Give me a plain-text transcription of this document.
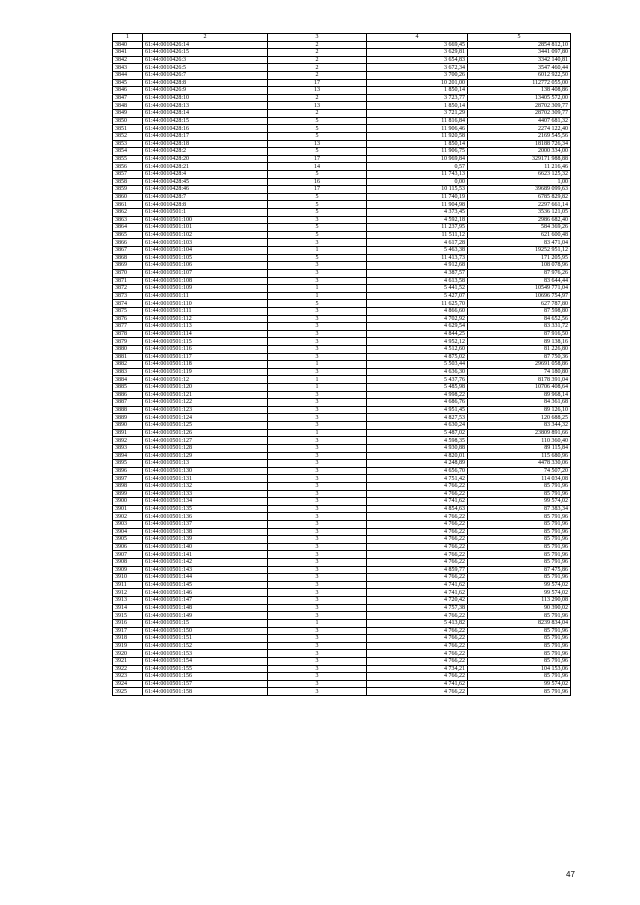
1	2	3	4	5
3840	61:44:0010426:14	2	3 669,45	2854 812,10
3841	61:44:0010426:15	2	3 629,81	3441 097,80
3842	61:44:0010426:3	2	3 654,83	3342 140,81
3843	61:44:0010426:5	2	3 672,34	3547 460,44
3844	61:44:0010426:7	2	3 700,26	6012 922,50
3845	61:44:0010428:8	17	10 201,00	112772 055,00
3846	61:44:0010426:9	13	1 850,14	138 408,86
3847	61:44:0010428:10	2	3 723,77	13405 572,00
3848	61:44:0010428:13	13	1 850,14	28702 309,77
3849	61:44:0010428:14	2	3 721,29	28702 309,77
3850	61:44:0010428:15	5	11 816,84	4407 681,32
3851	61:44:0010428:16	5	11 906,46	2274 122,40
3852	61:44:0010428:17	5	11 920,58	2169 545,56
3853	61:44:0010428:18	13	1 850,14	18188 726,34
3854	61:44:0010428:2	5	11 906,75	2000 334,00
3855	61:44:0010428:20	17	10 969,84	329171 988,88
3856	61:44:0010428:21	14	0,57	11 216,46
3857	61:44:0010428:4	5	11 743,13	6623 125,32
3858	61:44:0010428:45	16	0,00	1,00
3859	61:44:0010428:46	17	10 115,53	39689 099,63
3860	61:44:0010428:7	5	11 740,19	6785 829,82
3861	61:44:0010428:8	5	11 904,98	2297 661,14
3862	61:44:0010501:1	5	4 373,45	3536 121,05
3863	61:44:0010501:100	3	4 592,18	2986 682,40
3864	61:44:0010501:101	5	11 237,95	584 369,26
3865	61:44:0010501:102	5	11 511,12	621 600,48
3866	61:44:0010501:103	3	4 617,28	83 471,04
3867	61:44:0010501:104	1	5 463,38	19252 951,12
3868	61:44:0010501:105	5	11 413,73	171 205,95
3869	61:44:0010501:106	3	4 912,68	108 078,96
3870	61:44:0010501:107	3	4 387,57	87 976,26
3871	61:44:0010501:108	3	4 613,58	83 644,44
3872	61:44:0010501:109	1	5 441,52	10549 771,04
3873	61:44:0010501:11	1	5 427,07	10696 754,97
3874	61:44:0010501:110	5	11 625,70	627 787,80
3875	61:44:0010501:111	3	4 866,60	87 598,80
3876	61:44:0010501:112	3	4 702,92	84 652,56
3877	61:44:0010501:113	3	4 629,54	83 331,72
3878	61:44:0010501:114	3	4 844,25	87 916,50
3879	61:44:0010501:115	3	4 952,12	89 138,16
3880	61:44:0010501:116	3	4 512,60	81 226,80
3881	61:44:0010501:117	3	4 875,02	87 750,36
3882	61:44:0010501:118	1	5 503,44	29691 058,86
3883	61:44:0010501:119	3	4 636,30	74 180,80
3884	61:44:0010501:12	1	5 437,76	8178 391,04
3885	61:44:0010501:120	1	5 485,98	10706 408,64
3886	61:44:0010501:121	3	4 998,22	89 968,14
3887	61:44:0010501:122	3	4 686,76	84 361,68
3888	61:44:0010501:123	3	4 951,45	89 126,10
3889	61:44:0010501:124	3	4 827,53	120 688,25
3890	61:44:0010501:125	3	4 630,24	83 344,32
3891	61:44:0010501:126	1	5 487,02	23809 891,66
3892	61:44:0010501:127	3	4 598,35	110 360,40
3893	61:44:0010501:128	3	4 930,88	89 115,84
3894	61:44:0010501:129	3	4 820,01	115 680,96
3895	61:44:0010501:13	3	4 248,89	4478 330,06
3896	61:44:0010501:130	3	4 656,70	74 507,20
3897	61:44:0010501:131	3	4 751,42	114 034,08
3898	61:44:0010501:132	3	4 766,22	85 791,96
3899	61:44:0010501:133	3	4 766,22	85 791,96
3900	61:44:0010501:134	3	4 741,62	99 574,02
3901	61:44:0010501:135	3	4 854,63	87 383,34
3902	61:44:0010501:136	3	4 766,22	85 791,96
3903	61:44:0010501:137	3	4 766,22	85 791,96
3904	61:44:0010501:138	3	4 766,22	85 791,96
3905	61:44:0010501:139	3	4 766,22	85 791,96
3906	61:44:0010501:140	3	4 766,22	85 791,96
3907	61:44:0010501:141	3	4 766,22	85 791,96
3908	61:44:0010501:142	3	4 766,22	85 791,96
3909	61:44:0010501:143	3	4 859,77	87 475,86
3910	61:44:0010501:144	3	4 766,22	85 791,96
3911	61:44:0010501:145	3	4 741,62	99 574,02
3912	61:44:0010501:146	3	4 741,62	99 574,02
3913	61:44:0010501:147	3	4 720,42	113 290,08
3914	61:44:0010501:148	3	4 757,38	90 390,02
3915	61:44:0010501:149	3	4 766,22	85 791,96
3916	61:44:0010501:15	1	5 413,82	8239 834,04
3917	61:44:0010501:150	3	4 766,22	85 791,96
3918	61:44:0010501:151	3	4 766,22	85 791,96
3919	61:44:0010501:152	3	4 766,22	85 791,96
3920	61:44:0010501:153	3	4 766,22	85 791,96
3921	61:44:0010501:154	3	4 766,22	85 791,96
3922	61:44:0010501:155	3	4 734,21	104 153,06
3923	61:44:0010501:156	3	4 766,22	85 791,96
3924	61:44:0010501:157	3	4 741,62	99 574,02
3925	61:44:0010501:158	3	4 766,22	85 791,96
47
